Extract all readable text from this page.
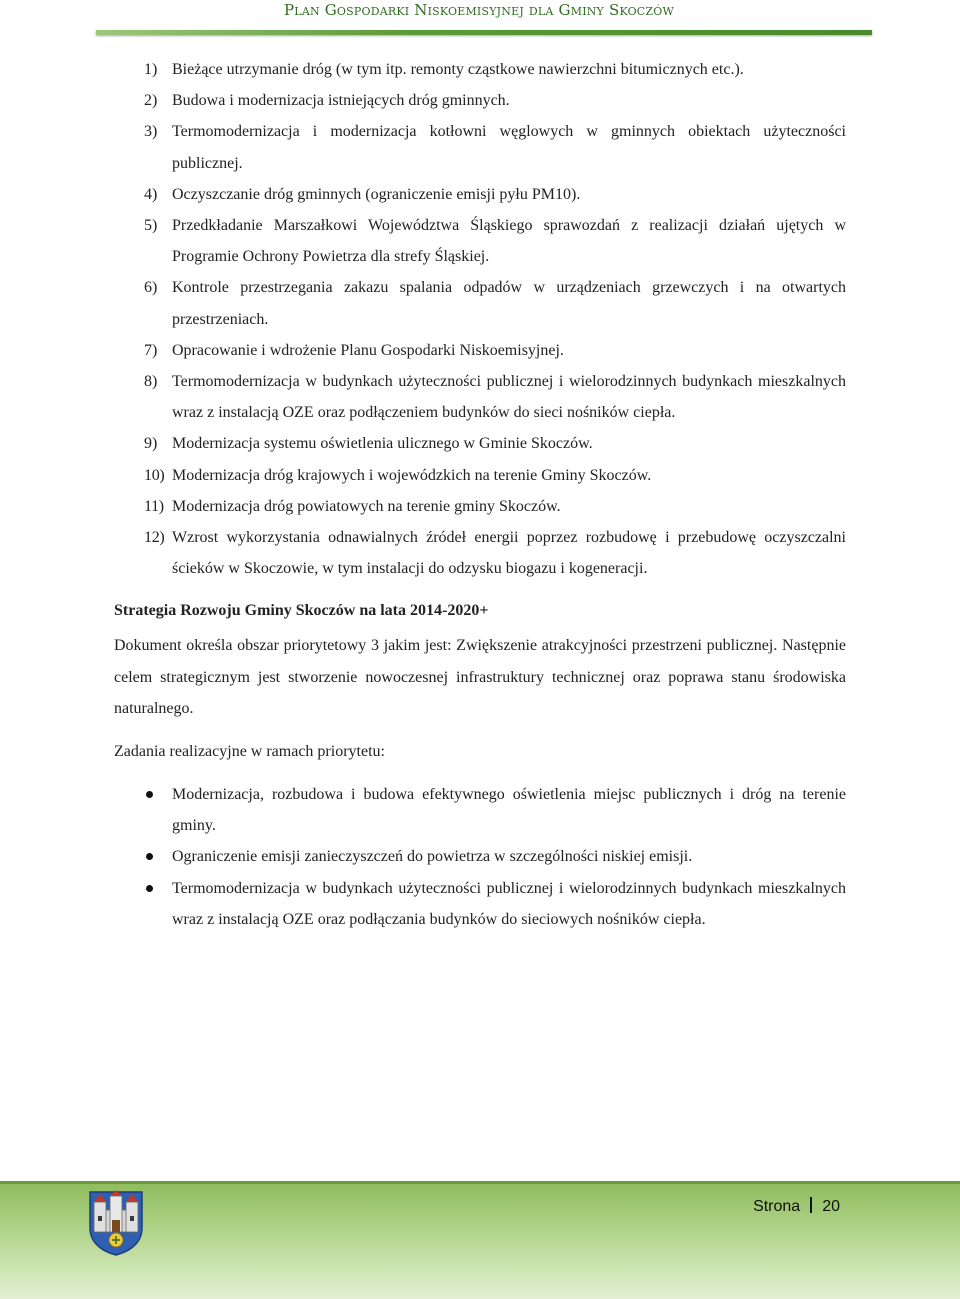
Plan Gospodarki Niskoemisyjnej dla Gminy Skoczów
1) Bieżące utrzymanie dróg (w tym itp. remonty cząstkowe nawierzchni bitumicznych etc.).
2) Budowa i modernizacja istniejących dróg gminnych.
3) Termomodernizacja i modernizacja kotłowni węglowych w gminnych obiektach użyteczności publicznej.
4) Oczyszczanie dróg gminnych (ograniczenie emisji pyłu PM10).
5) Przedkładanie Marszałkowi Województwa Śląskiego sprawozdań z realizacji działań ujętych w Programie Ochrony Powietrza dla strefy Śląskiej.
6) Kontrole przestrzegania zakazu spalania odpadów w urządzeniach grzewczych i na otwartych przestrzeniach.
7) Opracowanie i wdrożenie Planu Gospodarki Niskoemisyjnej.
8) Termomodernizacja w budynkach użyteczności publicznej i wielorodzinnych budynkach mieszkalnych wraz z instalacją OZE oraz podłączeniem budynków do sieci nośników ciepła.
9) Modernizacja systemu oświetlenia ulicznego w Gminie Skoczów.
10) Modernizacja dróg krajowych i wojewódzkich na terenie Gminy Skoczów.
11) Modernizacja dróg powiatowych na terenie gminy Skoczów.
12) Wzrost wykorzystania odnawialnych źródeł energii poprzez rozbudowę i przebudowę oczyszczalni ścieków w Skoczowie, w tym instalacji do odzysku biogazu i kogeneracji.
Strategia Rozwoju Gminy Skoczów na lata 2014-2020+
Dokument określa obszar priorytetowy 3 jakim jest: Zwiększenie atrakcyjności przestrzeni publicznej. Następnie celem strategicznym jest stworzenie nowoczesnej infrastruktury technicznej oraz poprawa stanu środowiska naturalnego.
Zadania realizacyjne w ramach priorytetu:
Modernizacja, rozbudowa i budowa efektywnego oświetlenia miejsc publicznych i dróg na terenie gminy.
Ograniczenie emisji zanieczyszczeń do powietrza w szczególności niskiej emisji.
Termomodernizacja w budynkach użyteczności publicznej i wielorodzinnych budynkach mieszkalnych wraz z instalacją OZE oraz podłączania budynków do sieciowych nośników ciepła.
Strona 20
